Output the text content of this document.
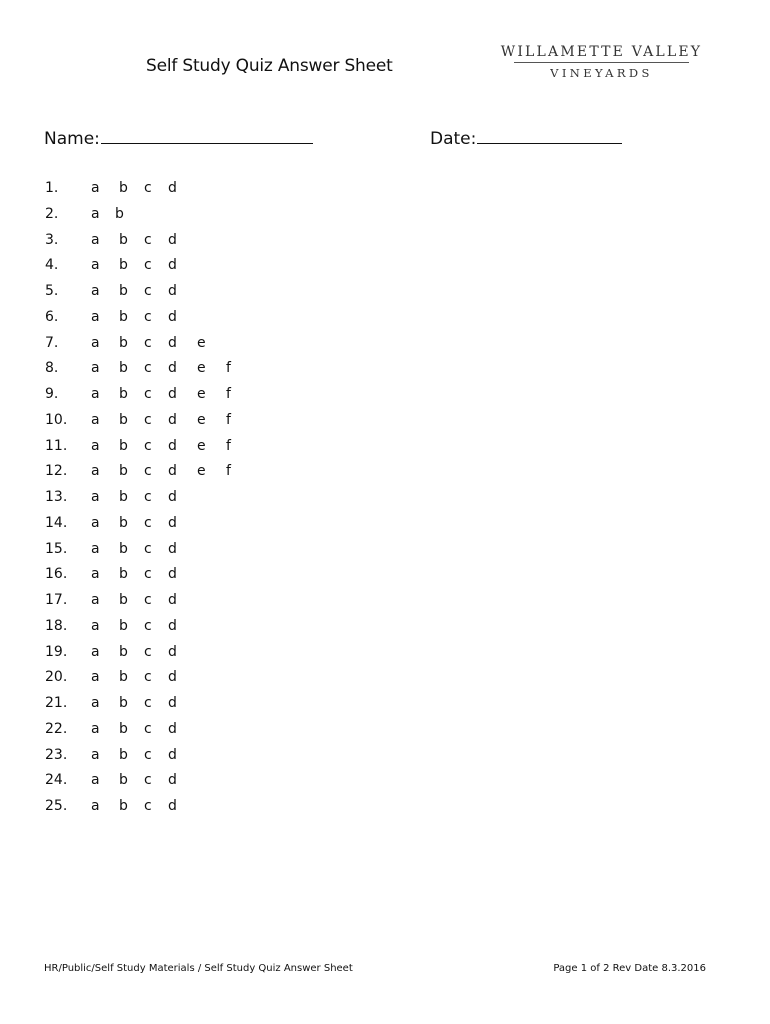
Self Study Quiz Answer Sheet
WILLAMETTE VALLEY
VINEYARDS
Name:	Date:
1. a b c d
2. a b
3. a b c d
4. a b c d
5. a b c d
6. a b c d
7. a b c d e
8. a b c d e f
9. a b c d e f
10. a b c d e f
11. a b c d e f
12. a b c d e f
13. a b c d
14. a b c d
15. a b c d
16. a b c d
17. a b c d
18. a b c d
19. a b c d
20. a b c d
21. a b c d
22. a b c d
23. a b c d
24. a b c d
25. a b c d
HR/Public/Self Study Materials / Self Study Quiz Answer Sheet	Page 1 of 2 Rev Date 8.3.2016
